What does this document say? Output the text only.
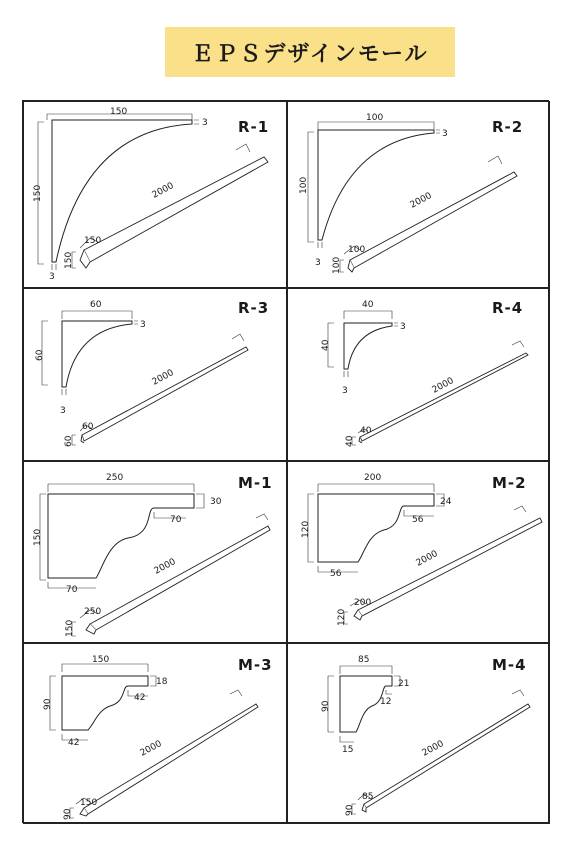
ＥＰＳデザインモール
R-1
150
150
3
3
2000
150
150
R-2
100
100
3
3
2000
100
100
R-3
60
60
3
3
2000
60
60
R-4
40
40
3
3	2000
40
40
M-1
250
150
30
70
70
2000
250
150
M-2
200
120
24
56
56
2000
200
120
M-3
150
90
18
42
42	2000
150
90
M-4
85
90
21
12
15	2000
85
90
